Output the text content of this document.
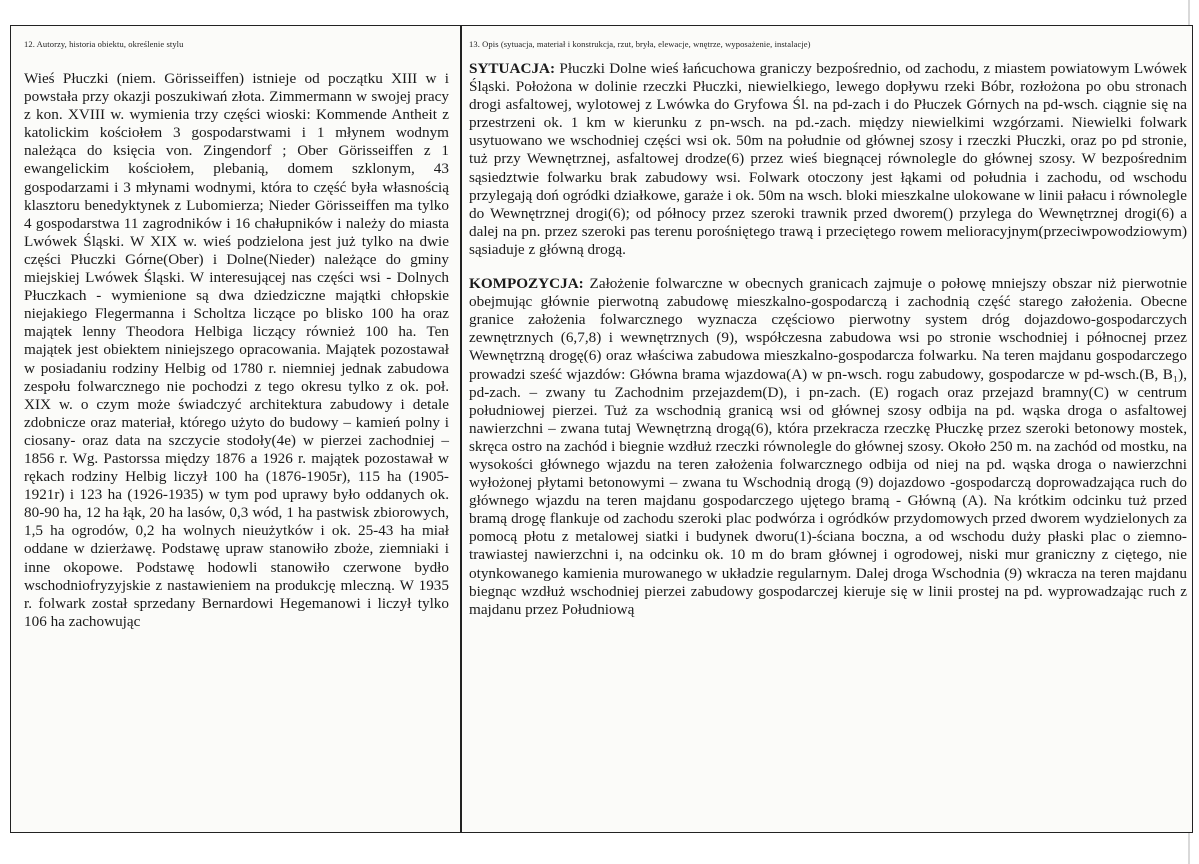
12. Autorzy, historia obiektu, określenie stylu

Wieś Płuczki (niem. Görisseiffen) istnieje od początku XIII w i powstała przy okazji poszukiwań złota. Zimmermann w swojej pracy z kon. XVIII w. wymienia trzy części wioski: Kommende Antheit z katolickim kościołem 3 gospodarstwami i 1 młynem wodnym należąca do księcia von. Zingendorf ; Ober Görisseiffen z 1 ewangelickim kościołem, plebanią, domem szklonym, 43 gospodarzami i 3 młynami wodnymi, która to część była własnością klasztoru benedyktynek z Lubomierza; Nieder Görisseiffen ma tylko 4 gospodarstwa 11 zagrodników i 16 chałupników i należy do miasta Lwówek Śląski. W XIX w. wieś podzielona jest już tylko na dwie części Płuczki Górne(Ober) i Dolne(Nieder) należące do gminy miejskiej Lwówek Śląski. W interesującej nas części wsi - Dolnych Płuczkach - wymienione są dwa dziedziczne majątki chłopskie niejakiego Flegermanna i Scholtza liczące po blisko 100 ha oraz majątek lenny Theodora Helbiga liczący również 100 ha. Ten majątek jest obiektem niniejszego opracowania. Majątek pozostawał w posiadaniu rodziny Helbig od 1780 r. niemniej jednak zabudowa zespołu folwarcznego nie pochodzi z tego okresu tylko z ok. poł. XIX w. o czym może świadczyć architektura zabudowy i detale zdobnicze oraz materiał, którego użyto do budowy – kamień polny i ciosany- oraz data na szczycie stodoły(4e) w pierzei zachodniej – 1856 r. Wg. Pastorssa między 1876 a 1926 r. majątek pozostawał w rękach rodziny Helbig liczył 100 ha (1876-1905r), 115 ha (1905-1921r) i 123 ha (1926-1935) w tym pod uprawy było oddanych ok. 80-90 ha, 12 ha łąk, 20 ha lasów, 0,3 wód, 1 ha pastwisk zbiorowych, 1,5 ha ogrodów, 0,2 ha wolnych nieużytków i ok. 25-43 ha miał oddane w dzierżawę. Podstawę upraw stanowiło zboże, ziemniaki i inne okopowe. Podstawę hodowli stanowiło czerwone bydło wschodniofryzyjskie z nastawieniem na produkcję mleczną. W 1935 r. folwark został sprzedany Bernardowi Hegemanowi i liczył tylko 106 ha zachowując

13. Opis (sytuacja, materiał i konstrukcja, rzut, bryła, elewacje, wnętrze, wyposażenie, instalacje)

SYTUACJA: Płuczki Dolne wieś łańcuchowa graniczy bezpośrednio, od zachodu, z miastem powiatowym Lwówek Śląski. Położona w dolinie rzeczki Płuczki, niewielkiego, lewego dopływu rzeki Bóbr, rozłożona po obu stronach drogi asfaltowej, wylotowej z Lwówka do Gryfowa Śl. na pd-zach i do Płuczek Górnych na pd-wsch. ciągnie się na przestrzeni ok. 1 km w kierunku z pn-wsch. na pd.-zach. między niewielkimi wzgórzami. Niewielki folwark usytuowano we wschodniej części wsi ok. 50m na południe od głównej szosy i rzeczki Płuczki, oraz po pd stronie, tuż przy Wewnętrznej, asfaltowej drodze(6) przez wieś biegnącej równolegle do głównej szosy. W bezpośrednim sąsiedztwie folwarku brak zabudowy wsi. Folwark otoczony jest łąkami od południa i zachodu, od wschodu przylegają doń ogródki działkowe, garaże i ok. 50m na wsch. bloki mieszkalne ulokowane w linii pałacu i równolegle do Wewnętrznej drogi(6); od północy przez szeroki trawnik przed dworem() przylega do Wewnętrznej drogi(6) a dalej na pn. przez szeroki pas terenu porośniętego trawą i przeciętego rowem melioracyjnym(przeciwpowodziowym) sąsiaduje z główną drogą.

KOMPOZYCJA: Założenie folwarczne w obecnych granicach zajmuje o połowę mniejszy obszar niż pierwotnie obejmując głównie pierwotną zabudowę mieszkalno-gospodarczą i zachodnią część starego założenia. Obecne granice założenia folwarcznego wyznacza częściowo pierwotny system dróg dojazdowo-gospodarczych zewnętrznych (6,7,8) i wewnętrznych (9), współczesna zabudowa wsi po stronie wschodniej i północnej przez Wewnętrzną drogę(6) oraz właściwa zabudowa mieszkalno-gospodarcza folwarku. Na teren majdanu gospodarczego prowadzi sześć wjazdów: Główna brama wjazdowa(A) w pn-wsch. rogu zabudowy, gospodarcze w pd-wsch.(B, B₁), pd-zach. – zwany tu Zachodnim przejazdem(D), i pn-zach. (E) rogach oraz przejazd bramny(C) w centrum południowej pierzei. Tuż za wschodnią granicą wsi od głównej szosy odbija na pd. wąska droga o asfaltowej nawierzchni – zwana tutaj Wewnętrzną drogą(6), która przekracza rzeczkę Płuczkę przez szeroki betonowy mostek, skręca ostro na zachód i biegnie wzdłuż rzeczki równolegle do głównej szosy. Około 250 m. na zachód od mostku, na wysokości głównego wjazdu na teren założenia folwarcznego odbija od niej na pd. wąska droga o nawierzchni wyłożonej płytami betonowymi – zwana tu Wschodnią drogą (9) dojazdowo -gospodarczą doprowadzająca ruch do głównego wjazdu na teren majdanu gospodarczego ujętego bramą - Główną (A). Na krótkim odcinku tuż przed bramą drogę flankuje od zachodu szeroki plac podwórza i ogródków przydomowych przed dworem wydzielonych za pomocą płotu z metalowej siatki i budynek dworu(1)-ściana boczna, a od wschodu duży płaski plac o ziemno-trawiastej nawierzchni i, na odcinku ok. 10 m do bram głównej i ogrodowej, niski mur graniczny z ciętego, nie otynkowanego kamienia murowanego w układzie regularnym. Dalej droga Wschodnia (9) wkracza na teren majdanu biegnąc wzdłuż wschodniej pierzei zabudowy gospodarczej kieruje się w linii prostej na pd. wyprowadzając ruch z majdanu przez Południową
